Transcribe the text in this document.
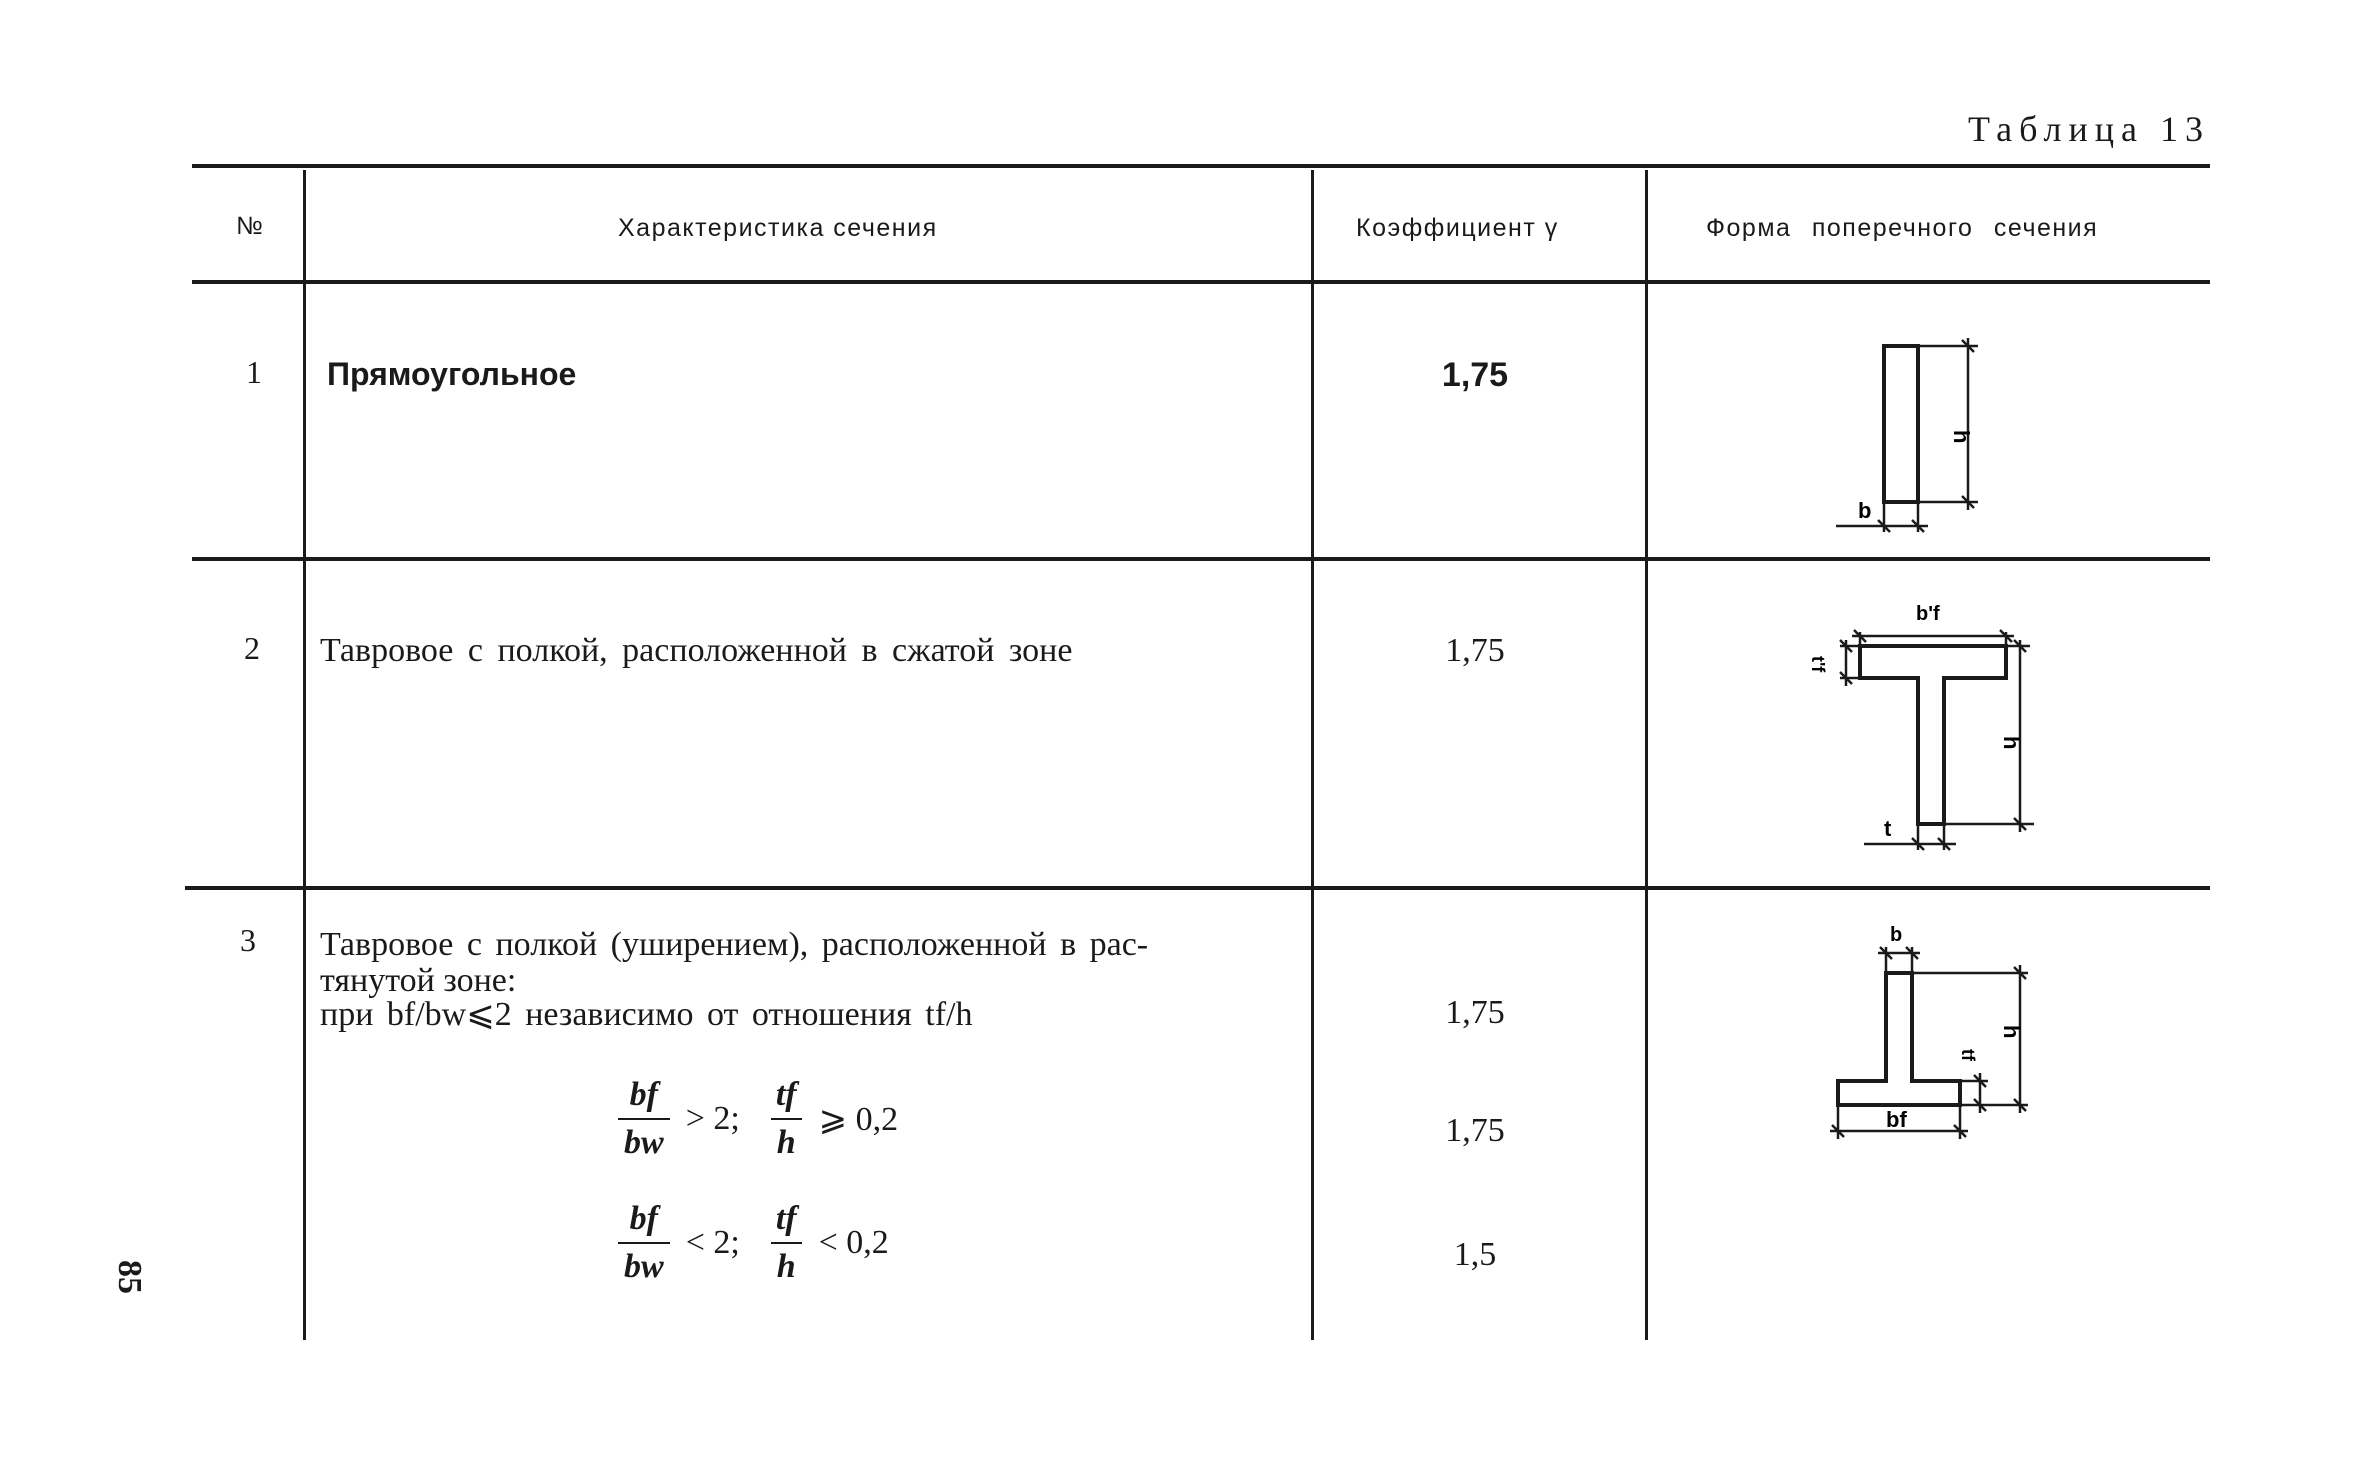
Таблица 13
№	Характеристика сечения	Коэффициент γ	Форма поперечного сечения
1 Прямоугольное	1,75
h
b
2 Тавровое с полкой, расположенной в сжатой зоне	1,75
b'f
t'f
h
t
3 Тавровое с полкой (уширением), расположенной в рас-
тянутой зоне:
при bf/bw⩽2 независимо от отношения tf/h	1,75
$\frac{bf}{bw} > 2$; $\frac{tf}{h}$ ⩾ 0,2	1,75
$\frac{bf}{bw} < 2$; $\frac{tf}{h} < 0,2$	1,5
b
h
tf
bf
85
